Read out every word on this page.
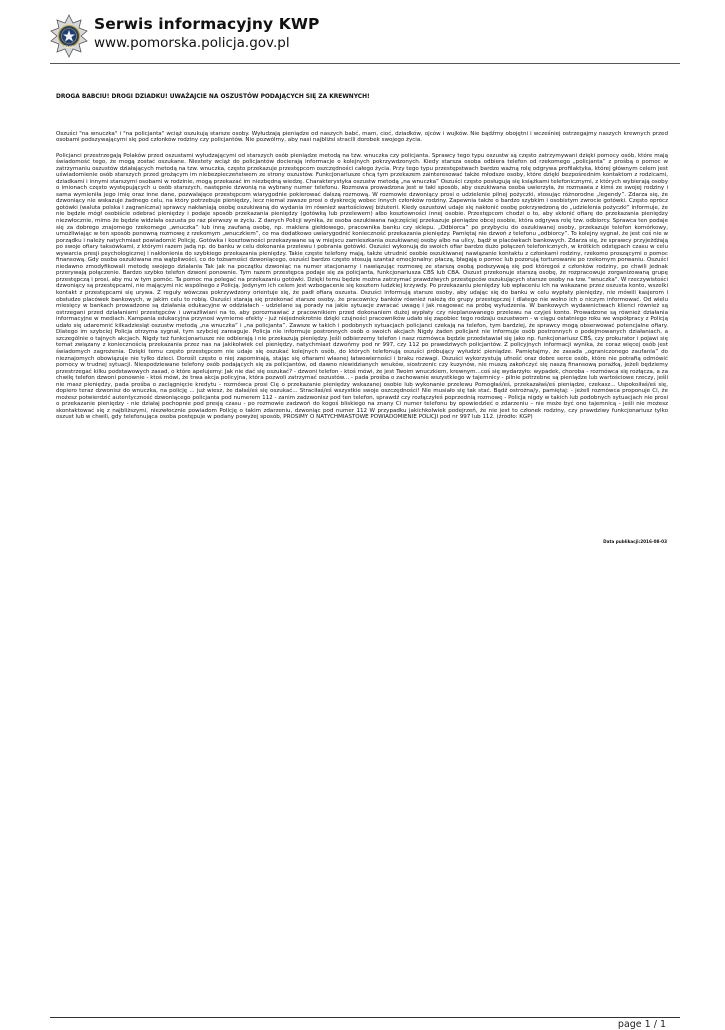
POLICJA
Serwis informacyjny KWP
www.pomorska.policja.gov.pl
DROGA BABCIU! DROGI DZIADKU! UWAŻAJCIE NA OSZUSTÓW PODAJĄCYCH SIĘ ZA KREWNYCH!

Oszuści "na wnuczka" i "na policjanta" wciąż oszukują starsze osoby. Wyłudzają pieniądze od naszych babć, mam, cioć, dziadków, ojców i wujków. Nie bądźmy obojętni i wcześniej ostrzegajmy naszych krewnych przed osobami podszywającymi się pod członków rodziny czy policjantów. Nie pozwólmy, aby nasi najbliżsi stracili dorobek swojego życia.

Policjanci przestrzegają Polaków przed oszustami wyłudzającymi od starszych osób pieniądze metodą na tzw. wnuczka czy policjanta. Sprawcy tego typu oszustw są często zatrzymywani dzięki pomocy osób, które mają świadomość tego, że mogą zostać oszukane. Niestety wciąż do policjantów docierają informacje o kolejnych pokrzywdzonych. Kiedy starsza osoba odbiera telefon od rzekomego „policjanta” z prośbą o pomoc w zatrzymaniu oszustów działających metodą na tzw. wnuczka, często przekazuje przestępcom oszczędności całego życia. Przy tego typu przestępstwach bardzo ważną rolę odgrywa profilaktyka, której głównym celem jest uświadomienie osób starszych przed grożącym im niebezpieczeństwem ze strony oszustów. Funkcjonariusze chcą tym przekazem zainteresować także młodsze osoby, które dzięki bezpośrednim kontaktom z rodzicami, dziadkami i innymi starszymi osobami w rodzinie, mogą przekazać im niezbędną wiedzę. Charakterystyka oszustw metodą „na wnuczka” Oszuści często posługują się książkami telefonicznymi, z których wybierają osoby o imionach często występujących u osób starszych, następnie dzwonią na wybrany numer telefonu. Rozmowa prowadzona jest w taki sposób, aby oszukiwana osoba uwierzyła, że rozmawia z kimś ze swojej rodziny i sama wymieniła jego imię oraz inne dane, pozwalające przestępcom wiarygodnie pokierować dalszą rozmową. W rozmowie dzwoniący prosi o udzielenie pilnej pożyczki, stosując różnorodne „legendy”. Zdarza się, że dzwoniący nie wskazuje żadnego celu, na który potrzebuje pieniędzy, lecz niemal zawsze prosi o dyskrecję wobec innych członków rodziny. Zapewnia także o bardzo szybkim i osobistym zwrocie gotówki. Często oprócz gotówki (waluta polska i zagraniczna) sprawcy nakłaniają osobę oszukiwaną do wydania im również wartościowej biżuterii. Kiedy oszustowi udaje się nakłonić osobę pokrzywdzoną do „udzielenia pożyczki” informuje, że nie będzie mógł osobiście odebrać pieniędzy i podaje sposób przekazania pieniędzy (gotówką lub przelewem) albo kosztowności innej osobie. Przestępcom chodzi o to, aby skłonić ofiarę do przekazania pieniędzy niezwłocznie, mimo że będzie widziała oszusta po raz pierwszy w życiu. Z danych Policji wynika, że osoba oszukiwana najczęściej przekazuje pieniądze obcej osobie, która odgrywa rolę tzw. odbiorcy. Sprawca ten podaje się za dobrego znajomego rzekomego „wnuczka” lub inną zaufaną osobę, np. maklera giełdowego, pracownika banku czy sklepu. „Odbiorca” po przybyciu do oszukiwanej osoby, przekazuje telefon komórkowy, umożliwiając w ten sposób ponowną rozmowę z rzekomym „wnuczkiem”, co ma dodatkowo uwiarygodnić konieczność przekazania pieniędzy. Pamiętaj nie dzwoń z telefonu „odbiorcy”. To kolejny sygnał, że jest coś nie w porządku i należy natychmiast powiadomić Policję. Gotówka i kosztowności przekazywane są w miejscu zamieszkania oszukiwanej osoby albo na ulicy, bądź w placówkach bankowych. Zdarza się, że sprawcy przyjeżdżają po swoje ofiary taksówkami, z którymi razem jadą np. do banku w celu dokonania przelewu i pobrania gotówki. Oszuści wykonują do swoich ofiar bardzo dużo połączeń telefonicznych, w krótkich odstępach czasu w celu wywarcia presji psychologicznej i nakłonienia do szybkiego przekazania pieniędzy. Takie częste telefony mają, także utrudnić osobie oszukiwanej nawiązanie kontaktu z członkami rodziny, rzekomo proszącymi o pomoc finansową. Gdy osoba oszukiwana ma wątpliwości, co do tożsamości dzwoniącego, oszuści bardzo często stosują szantaż emocjonalny: płaczą, błagają o pomoc lub pozorują torturowanie po rzekomym porwaniu. Oszuści niedawno zmodyfikowali metodę swojego działania Tak jak na początku dzwoniąc na numer stacjonarny i nawiązując rozmowę ze starszą osobą podszywają się pod któregoś z członków rodziny, po chwili jednak przerywają połączenie. Bardzo szybko telefon dzwoni ponownie. Tym razem przestępca podaje się za policjanta, funkcjonariusza CBŚ lub CBA. Oszust przekonuje starszą osobę, że rozpracowuje zorganizowaną grupę przestępczą i prosi, aby mu w tym pomóc. Ta pomoc ma polegać na przekazaniu gotówki. Dzięki temu będzie można zatrzymać prawdziwych przestępców oszukujących starsze osoby na tzw. "wnuczka". W rzeczywistości dzwoniący są przestępcami, nie mającymi nic wspólnego z Policją. Jedynym ich celem jest wzbogacenie się kosztem ludzkiej krzywdy. Po przekazaniu pieniędzy lub wpłaceniu ich na wskazane przez oszusta konto, wszelki kontakt z przestępcami się urywa. Z reguły wówczas pokrzywdzony orientuje się, że padł ofiarą oszusta. Oszuści informują starsze osoby, aby udając się do banku w celu wypłaty pieniędzy, nie mówili kasjerom i obsłudze placówek bankowych, w jakim celu to robią. Oszuści starają się przekonać starsze osoby, że pracownicy banków również należą do grupy przestępczej i dlatego nie wolno ich o niczym informować. Od wielu miesięcy w bankach prowadzone są działania edukacyjne w oddziałach - udzielane są porady na jakie sytuacje zwracać uwagę i jak reagować na próbę wyłudzenia. W bankowych wydawnictwach klienci również są ostrzegani przed działaniami przestępców i uwrażliwiani na to, aby porozmawiać z pracownikiem przed dokonaniem dużej wypłaty czy nieplanowanego przelewu na czyjeś konto. Prowadzone są również działania informacyjne w mediach. Kampania edukacyjna przynosi wymierne efekty - już niejednokrotnie dzięki czujności pracowników udało się zapobiec tego rodzaju oszustwom - w ciągu ostatniego roku we współpracy z Policją udało się udaremnić kilkadziesiąt oszustw metodą „na wnuczka” i „na policjanta”. Zawsze w takich i podobnych sytuacjach policjanci czekają na telefon, tym bardziej, że sprawcy mogą obserwować potencjalne ofiary. Dlatego im szybciej Policja otrzyma sygnał, tym szybciej zareaguje. Policja nie informuje postronnych osób o swoich akcjach Nigdy żaden policjant nie informuje osób postronnych o podejmowanych działaniach, a szczególnie o tajnych akcjach. Nigdy też funkcjonariusze nie odbierają i nie przekazują pieniędzy. Jeśli odbierzemy telefon i nasz rozmówca będzie przedstawiał się jako np. funkcjonariusz CBŚ, czy prokurator i pojawi się temat związany z koniecznością przekazania przez nas na jakikolwiek cel pieniędzy, natychmiast dzwońmy pod nr 997, czy 112 po prawdziwych policjantów. Z policyjnych informacji wynika, że coraz więcej osób jest świadomych zagrożenia. Dzięki temu często przestępcom nie udaje się oszukać kolejnych osób, do których telefonują oszuści próbujący wyłudzić pieniądze. Pamiętajmy, że zasada „ograniczonego zaufania” do nieznajomych obowiązuje nie tylko dzieci. Dorośli często o niej zapominają, stając się ofiarami własnej łatwowierności i braku rozwagi. Oszuści wykorzystują ufność oraz dobre serce osób, które nie potrafią odmówić pomocy w trudnej sytuacji. Niespodziewane telefony osób podających się za policjantów, od dawno niewidzianych wnuków, siostrzenic czy kuzynów, nie muszą zakończyć się naszą finansową porażką, jeżeli będziemy przestrzegać kilku podstawowych zasad, o które apelujemy: Jak nie dać się oszukać? - dzwoni telefon - ktoś mówi, że jest Twoim wnuczkiem, krewnym...coś się wydarzyło: wypadek, choroba - rozmówca się rozłącza, a za chwilę telefon dzwoni ponownie - ktoś mówi, że trwa akcja policyjna, która pozwoli zatrzymać oszustów... - pada prośba o zachowanie wszystkiego w tajemnicy - pilnie potrzebne są pieniądze lub wartościowe rzeczy, jeśli nie masz pieniędzy, pada prośba o zaciągnięcie kredytu - rozmówca prosi Cię o przekazanie pieniędzy wskazanej osobie lub wykonanie przelewu Pomogłaś/eś, przekazałaś/eś pieniądze, czekasz... Uspokoiłaś/eś się, dopiero teraz dzwonisz do wnuczka, na policję ... już wiesz, że dałaś/eś się oszukać... Straciłaś/eś wszystkie swoje oszczędności! Nie musiało się tak stać. Bądź ostrożna/y, pamiętaj: - jeżeli rozmówca proponuje Ci, że możesz potwierdzić autentyczność dzwoniącego policjanta pod numerem 112 - zanim zadzwonisz pod ten telefon, sprawdź czy rozłączyłeś poprzednią rozmowę - Policja nigdy w takich lub podobnych sytuacjach nie prosi o przekazanie pieniędzy - nie działaj pochopnie pod presją czasu - po rozmowie zadzwoń do kogoś bliskiego na znany Ci numer telefonu by opowiedzieć o zdarzeniu – nie może być ono tajemnicą - jeśli nie możesz skontaktować się z najbliższymi, niezwłocznie powiadom Policję o takim zdarzeniu, dzwoniąc pod numer 112 W przypadku jakichkolwiek podejrzeń, że nie jest to członek rodziny, czy prawdziwy funkcjonariusz tylko oszust lub w chwili, gdy telefonująca osoba postępuje w podany powyżej sposób, PROSIMY O NATYCHMIASTOWE POWIADOMIENIE POLICJI pod nr 997 lub 112. (źródło: KGP)

Data publikacji:2016-08-03
page 1 / 1
